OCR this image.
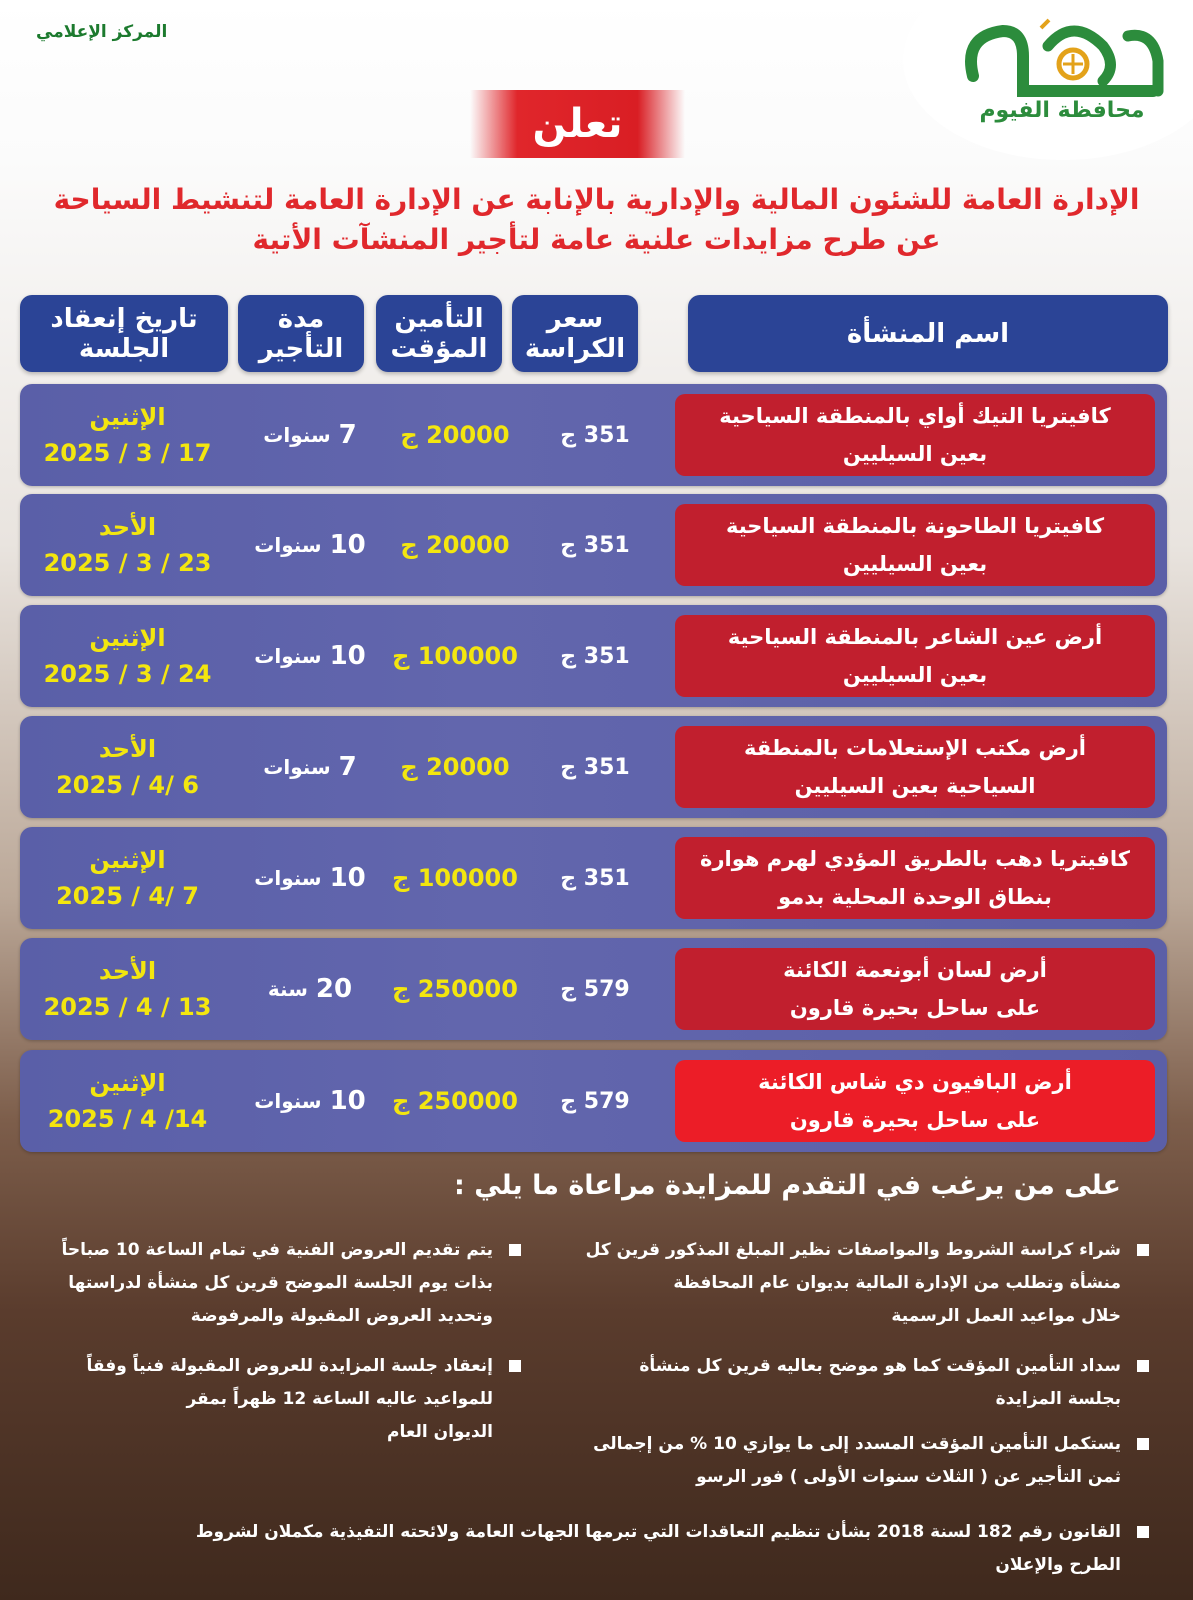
محافظة الفيوم
المركز الإعلامي
تعلن
الإدارة العامة للشئون المالية والإدارية بالإنابة عن الإدارة العامة لتنشيط السياحة
عن طرح مزايدات علنية عامة لتأجير المنشآت الأتية
اسم المنشأة
سعر
الكراسة
التأمين
المؤقت
مدة
التأجير
تاريخ إنعقاد
الجلسة
كافيتريا التيك أواي بالمنطقة السياحية
بعين السيليين
351 ج
20000 ج
7
سنوات
الإثنين
17 / 3 / 2025
كافيتريا الطاحونة بالمنطقة السياحية
بعين السيليين
351 ج
20000 ج
10
سنوات
الأحد
23 / 3 / 2025
أرض عين الشاعر بالمنطقة السياحية
بعين السيليين
351 ج
100000 ج
10
سنوات
الإثنين
24 / 3 / 2025
أرض مكتب الإستعلامات بالمنطقة
السياحية بعين السيليين
351 ج
20000 ج
7
سنوات
الأحد
6 /4 / 2025
كافيتريا دهب بالطريق المؤدي لهرم هوارة
بنطاق الوحدة المحلية بدمو
351 ج
100000 ج
10
سنوات
الإثنين
7 /4 / 2025
أرض لسان أبونعمة الكائنة
على ساحل بحيرة قارون
579 ج
250000 ج
20
سنة
الأحد
13 / 4 / 2025
أرض البافيون دي شاس الكائنة
على ساحل بحيرة قارون
579 ج
250000 ج
10
سنوات
الإثنين
14/ 4 / 2025
على من يرغب في التقدم للمزايدة مراعاة ما يلي :
شراء كراسة الشروط والمواصفات نظير المبلغ المذكور قرين كل
منشأة وتطلب من الإدارة المالية بديوان عام المحافظة
خلال مواعيد العمل الرسمية
سداد التأمين المؤقت كما هو موضح بعاليه قرين كل منشأة
بجلسة المزايدة
يستكمل التأمين المؤقت المسدد إلى ما يوازي 10 % من إجمالى
ثمن التأجير عن ( الثلاث سنوات الأولى ) فور الرسو
يتم تقديم العروض الفنية في تمام الساعة 10 صباحاً
بذات يوم الجلسة الموضح قرين كل منشأة لدراستها
وتحديد العروض المقبولة والمرفوضة
إنعقاد جلسة المزايدة للعروض المقبولة فنياً وفقاً
للمواعيد عاليه الساعة 12 ظهراً بمقر
الديوان العام
القانون رقم 182 لسنة 2018 بشأن تنظيم التعاقدات التي تبرمها الجهات العامة ولائحته التفيذية مكملان لشروط
الطرح والإعلان
